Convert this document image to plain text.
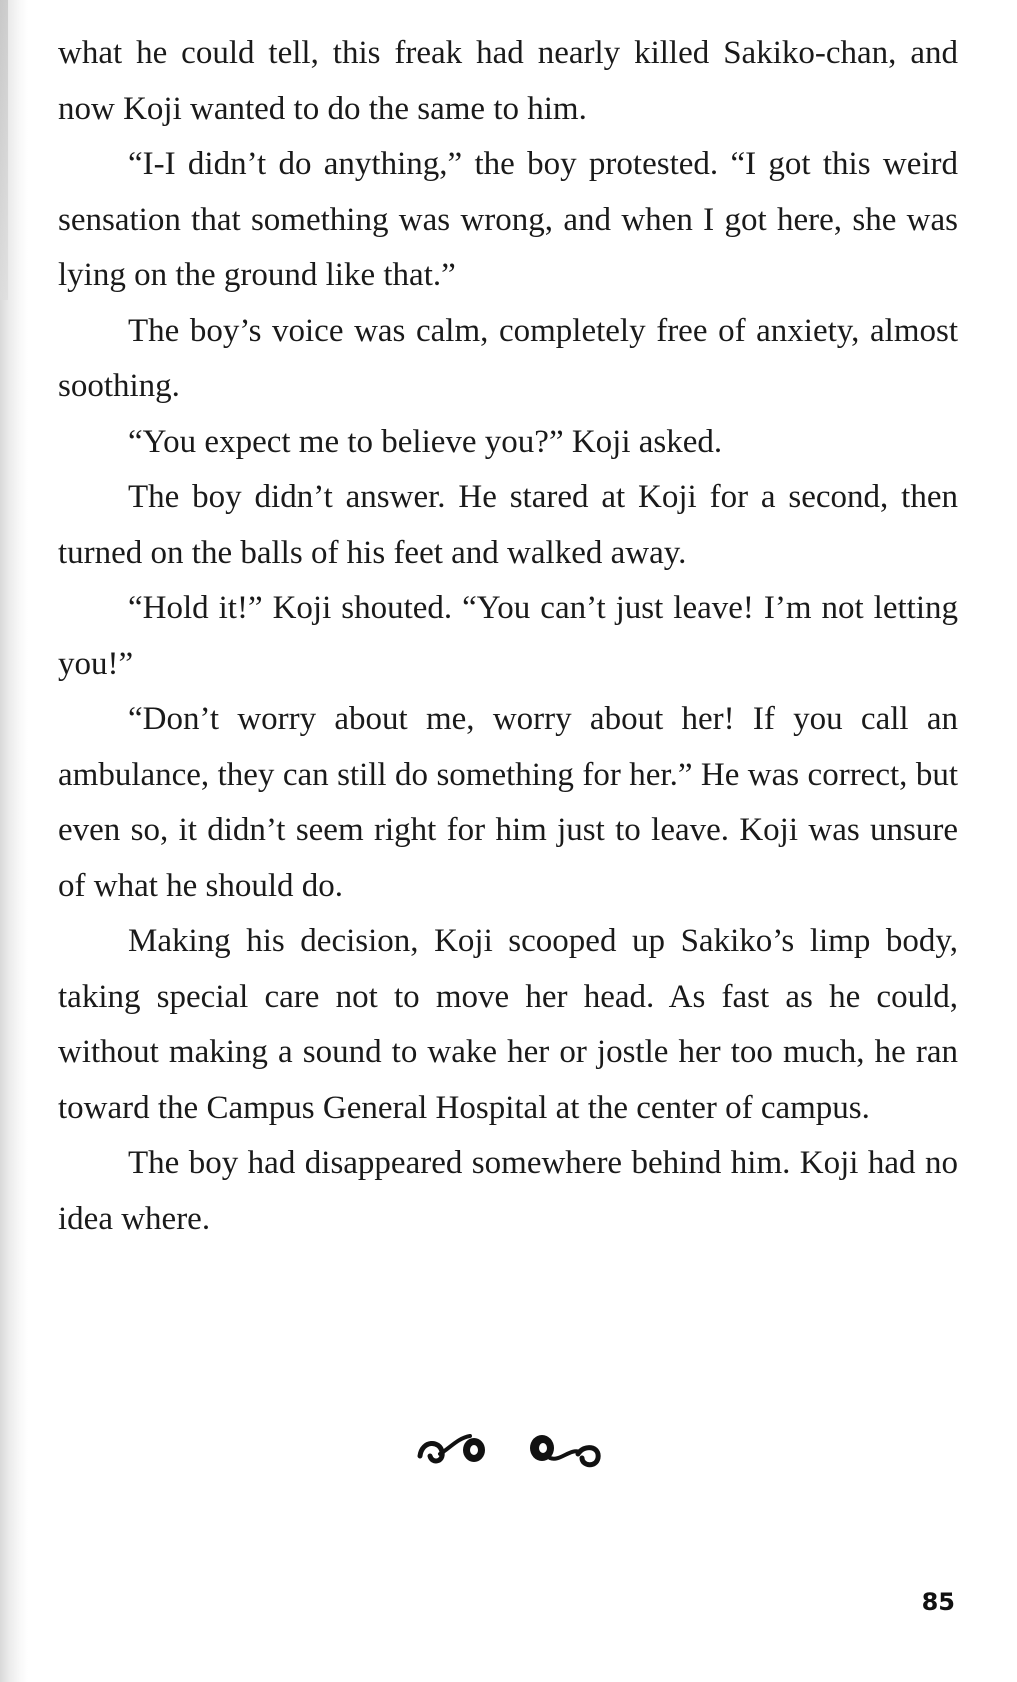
what he could tell, this freak had nearly killed Sakiko-chan, and now Koji wanted to do the same to him.

“I-I didn’t do anything,” the boy protested. “I got this weird sensation that something was wrong, and when I got here, she was lying on the ground like that.”

The boy’s voice was calm, completely free of anxiety, almost soothing.

“You expect me to believe you?” Koji asked.

The boy didn’t answer. He stared at Koji for a second, then turned on the balls of his feet and walked away.

“Hold it!” Koji shouted. “You can’t just leave! I’m not letting you!”

“Don’t worry about me, worry about her! If you call an ambulance, they can still do something for her.” He was correct, but even so, it didn’t seem right for him just to leave. Koji was unsure of what he should do.

Making his decision, Koji scooped up Sakiko’s limp body, taking special care not to move her head. As fast as he could, without making a sound to wake her or jostle her too much, he ran toward the Campus General Hospital at the center of campus.

The boy had disappeared somewhere behind him. Koji had no idea where.

85
